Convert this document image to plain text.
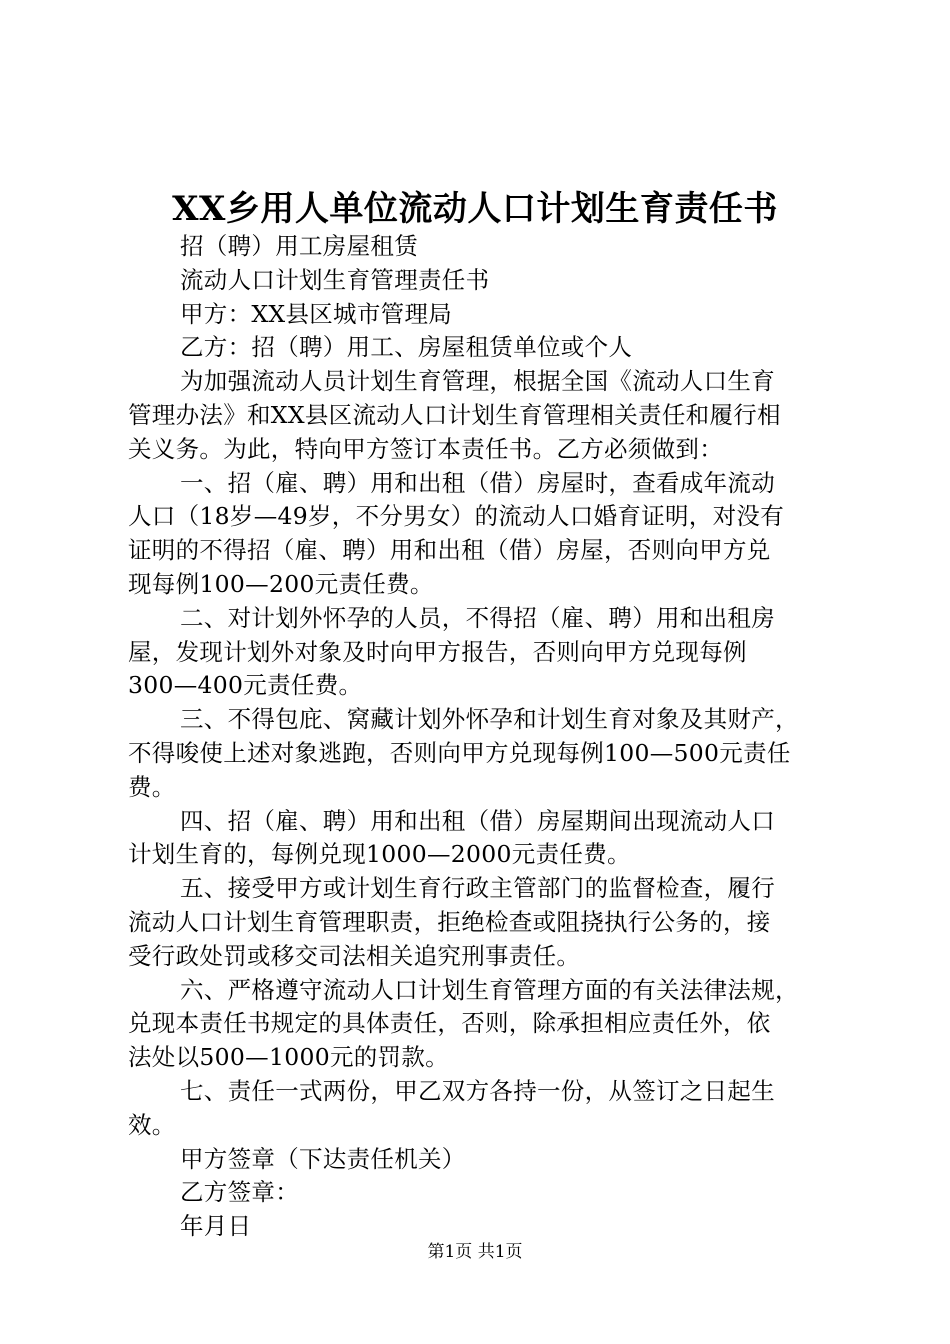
XX乡用人单位流动人口计划生育责任书
招（聘）用工房屋租赁
流动人口计划生育管理责任书
甲方：XX县区城市管理局
乙方：招（聘）用工、房屋租赁单位或个人
为加强流动人员计划生育管理，根据全国《流动人口生育
管理办法》和XX县区流动人口计划生育管理相关责任和履行相
关义务。为此，特向甲方签订本责任书。乙方必须做到：
一、招（雇、聘）用和出租（借）房屋时，查看成年流动
人口（18岁—49岁，不分男女）的流动人口婚育证明，对没有
证明的不得招（雇、聘）用和出租（借）房屋，否则向甲方兑
现每例100—200元责任费。
二、对计划外怀孕的人员，不得招（雇、聘）用和出租房
屋，发现计划外对象及时向甲方报告，否则向甲方兑现每例
300—400元责任费。
三、不得包庇、窝藏计划外怀孕和计划生育对象及其财产，
不得唆使上述对象逃跑，否则向甲方兑现每例100—500元责任
费。
四、招（雇、聘）用和出租（借）房屋期间出现流动人口
计划生育的，每例兑现1000—2000元责任费。
五、接受甲方或计划生育行政主管部门的监督检查，履行
流动人口计划生育管理职责，拒绝检查或阻挠执行公务的，接
受行政处罚或移交司法相关追究刑事责任。
六、严格遵守流动人口计划生育管理方面的有关法律法规，
兑现本责任书规定的具体责任，否则，除承担相应责任外，依
法处以500—1000元的罚款。
七、责任一式两份，甲乙双方各持一份，从签订之日起生
效。
甲方签章（下达责任机关）
乙方签章：
年月日
第1页 共1页
